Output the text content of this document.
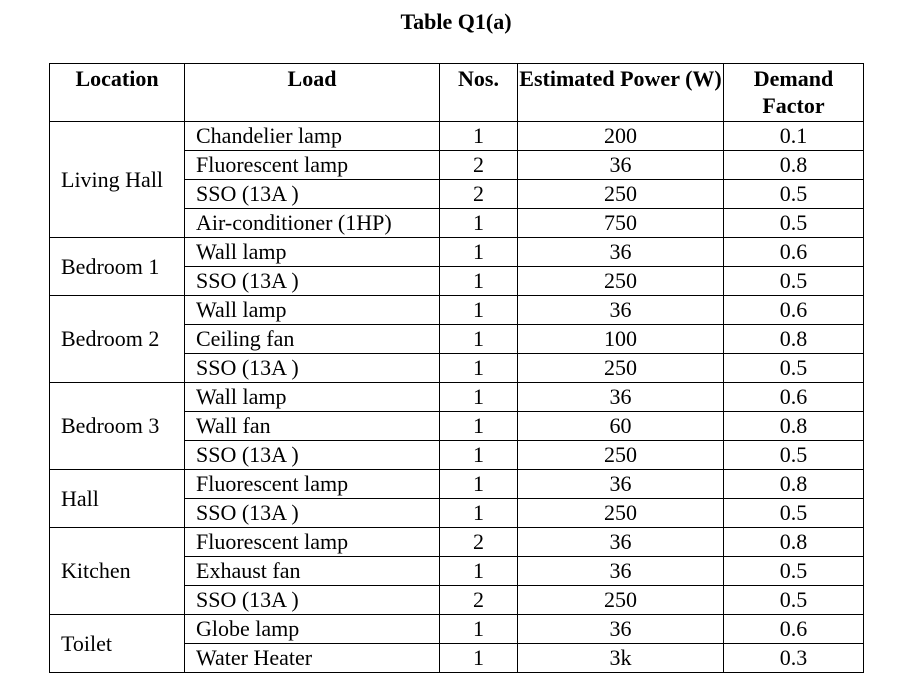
Table Q1(a)
Location	Load	Nos.	Estimated Power (W)	Demand Factor
Living Hall	Chandelier lamp	1	200	0.1
	Fluorescent lamp	2	36	0.8
	SSO (13A )	2	250	0.5
	Air-conditioner (1HP)	1	750	0.5
Bedroom 1	Wall lamp	1	36	0.6
	SSO (13A )	1	250	0.5
Bedroom 2	Wall lamp	1	36	0.6
	Ceiling fan	1	100	0.8
	SSO (13A )	1	250	0.5
Bedroom 3	Wall lamp	1	36	0.6
	Wall fan	1	60	0.8
	SSO (13A )	1	250	0.5
Hall	Fluorescent lamp	1	36	0.8
	SSO (13A )	1	250	0.5
Kitchen	Fluorescent lamp	2	36	0.8
	Exhaust fan	1	36	0.5
	SSO (13A )	2	250	0.5
Toilet	Globe lamp	1	36	0.6
	Water Heater	1	3k	0.3
